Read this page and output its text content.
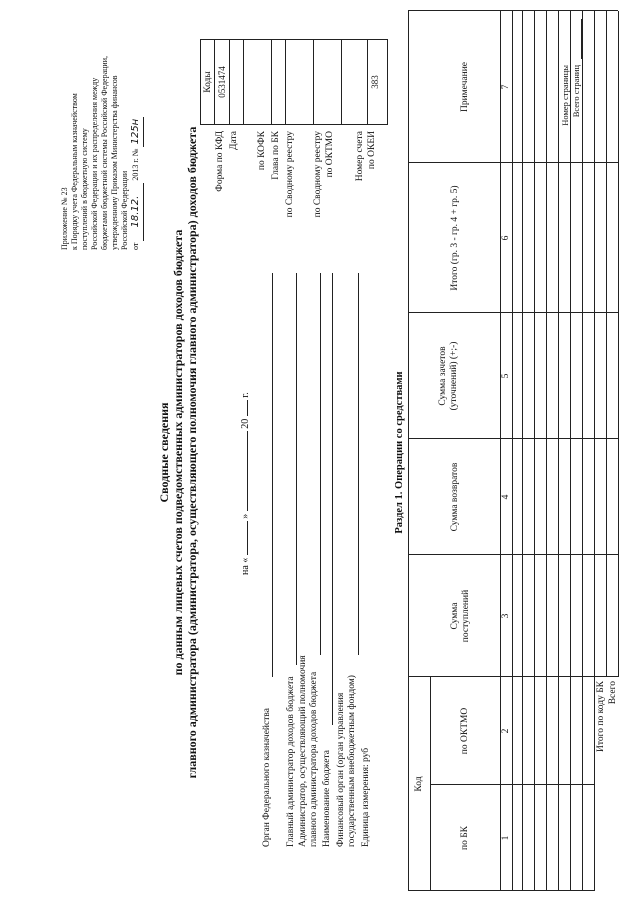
Приложение № 23 к Порядку учета Федеральным казначейством поступлений в бюджетную систему Российской Федерации и их распределения между бюджетами бюджетной системы Российской Федерации, утвержденному Приказом Министерства финансов Российской Федерации от 18.12. 2013 г. № 125н
Сводные сведения по данным лицевых счетов подведомственных администраторов доходов бюджета главного администратора (администратора, осуществляющего полномочия главного администратора) доходов бюджета	на «  »  20  г.
Орган Федерального казначейства Главный администратор доходов бюджета Администратор, осуществляющий полномочия главного администратора доходов бюджета Наименование бюджета Финансовый орган (орган управления государственным внебюджетным фондом) Единица измерения: руб
Форма по КФД Дата по КОФК Глава по БК по Сводному реестру по Сводному реестру по ОКТМО Номер счета по ОКЕИ
Коды 0531474	383
Раздел 1. Операции со средствами
Код
по БК
по ОКТМО
Сумма поступлений
Сумма возвратов
Сумма зачетов (уточнений) (+;-)
Итого (гр. 3 - гр. 4 + гр. 5)
Примечание
1
2
3
4
5
6
7
Итого по коду БК Всего
Номер страницы Всего страниц
